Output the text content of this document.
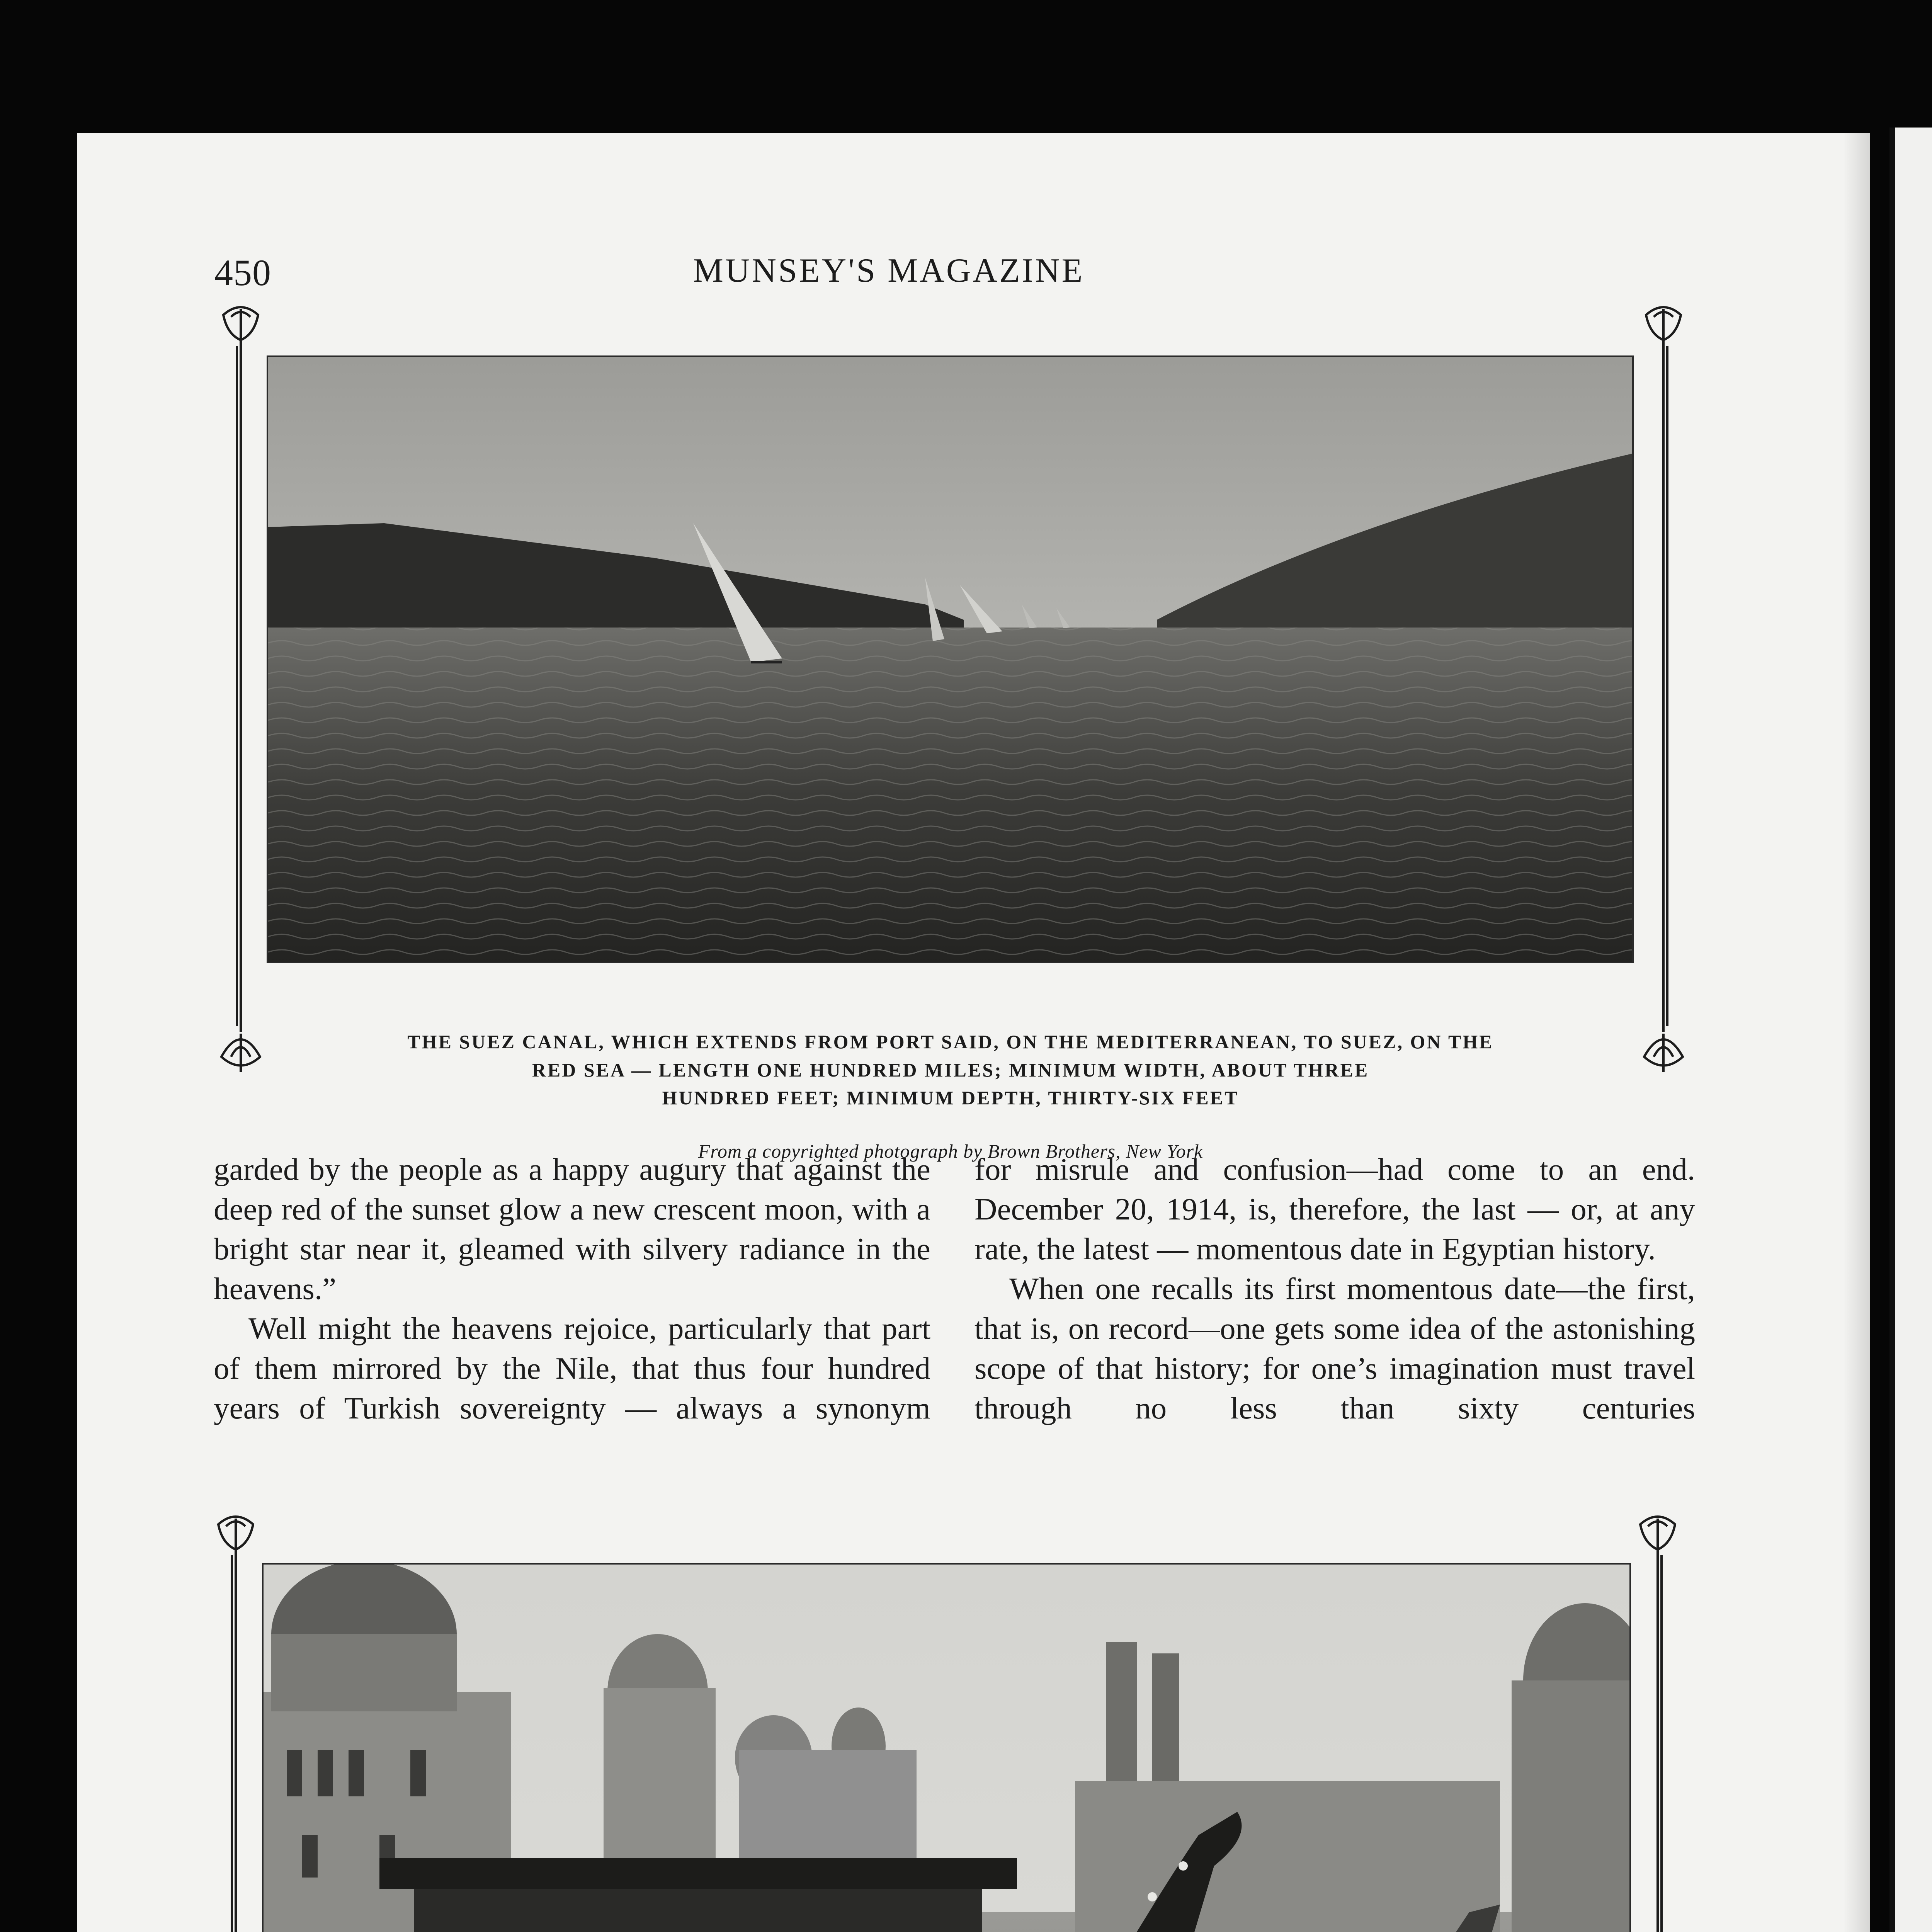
450	MUNSEY'S MAGAZINE
THE SUEZ CANAL, WHICH EXTENDS FROM PORT SAID, ON THE MEDITERRANEAN, TO SUEZ, ON THE
RED SEA — LENGTH ONE HUNDRED MILES; MINIMUM WIDTH, ABOUT THREE
HUNDRED FEET; MINIMUM DEPTH, THIRTY-SIX FEET
From a copyrighted photograph by Brown Brothers, New York

garded by the people as a happy augury that against the deep red of the sunset glow a new crescent moon, with a bright star near it, gleamed with silvery radiance in the heavens.”

Well might the heavens rejoice, particularly that part of them mirrored by the Nile, that thus four hundred years of Turkish sovereignty — always a synonym

for misrule and confusion—had come to an end. December 20, 1914, is, therefore, the last — or, at any rate, the latest — momentous date in Egyptian history.

When one recalls its first momentous date—the first, that is, on record—one gets some idea of the astonishing scope of that history; for one’s imagination must travel through no less than sixty centuries
